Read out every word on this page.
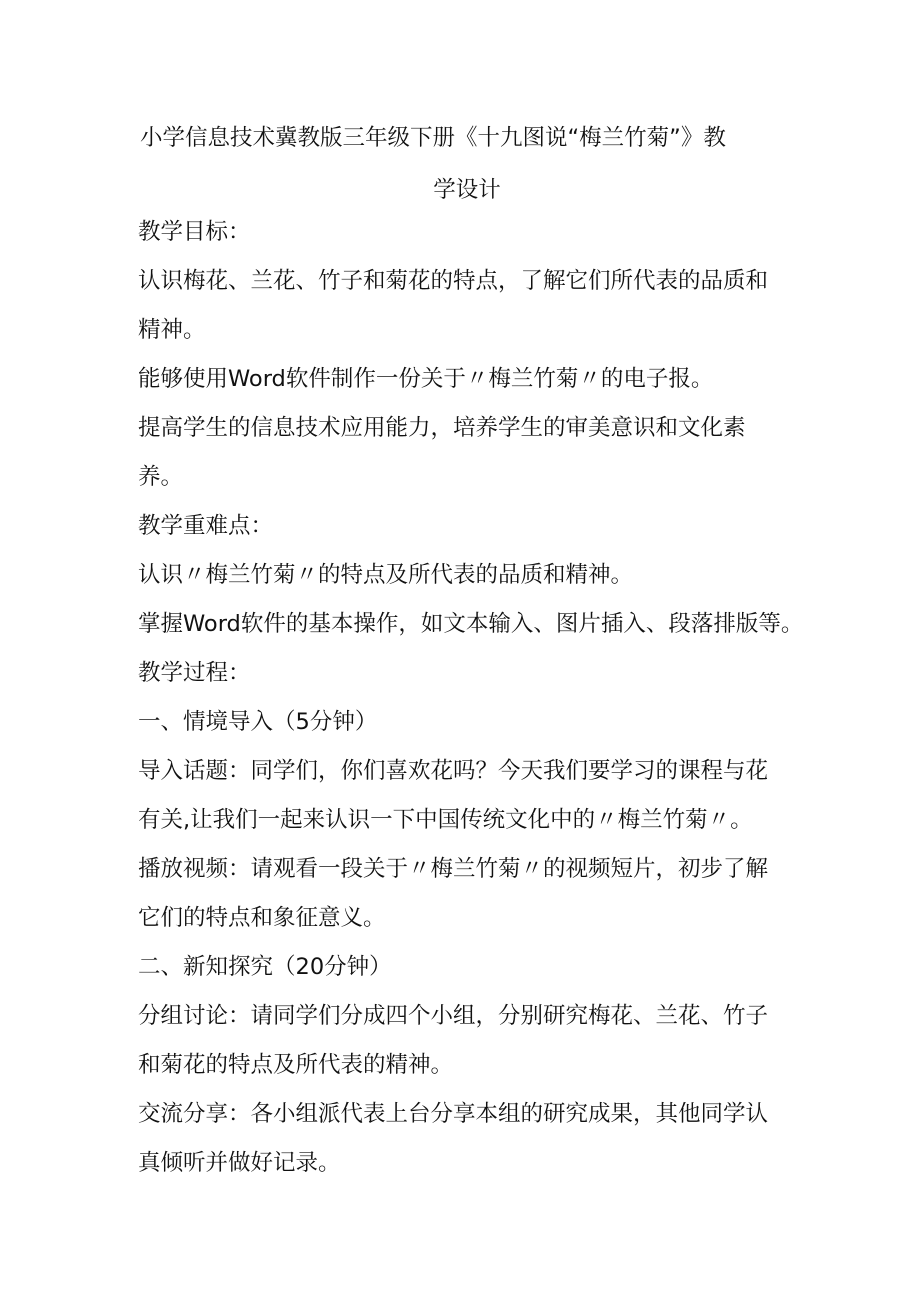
小学信息技术冀教版三年级下册《十九图说“梅兰竹菊”》教
学设计

教学目标：

认识梅花、兰花、竹子和菊花的特点，了解它们所代表的品质和精神。

能够使用Word软件制作一份关于〃梅兰竹菊〃的电子报。

提高学生的信息技术应用能力，培养学生的审美意识和文化素养。

教学重难点：

认识〃梅兰竹菊〃的特点及所代表的品质和精神。

掌握Word软件的基本操作，如文本输入、图片插入、段落排版等。

教学过程：

一、情境导入（5分钟）

导入话题：同学们，你们喜欢花吗？今天我们要学习的课程与花有关,让我们一起来认识一下中国传统文化中的〃梅兰竹菊〃。

播放视频：请观看一段关于〃梅兰竹菊〃的视频短片，初步了解它们的特点和象征意义。

二、新知探究（20分钟）

分组讨论：请同学们分成四个小组，分别研究梅花、兰花、竹子和菊花的特点及所代表的精神。

交流分享：各小组派代表上台分享本组的研究成果，其他同学认真倾听并做好记录。
